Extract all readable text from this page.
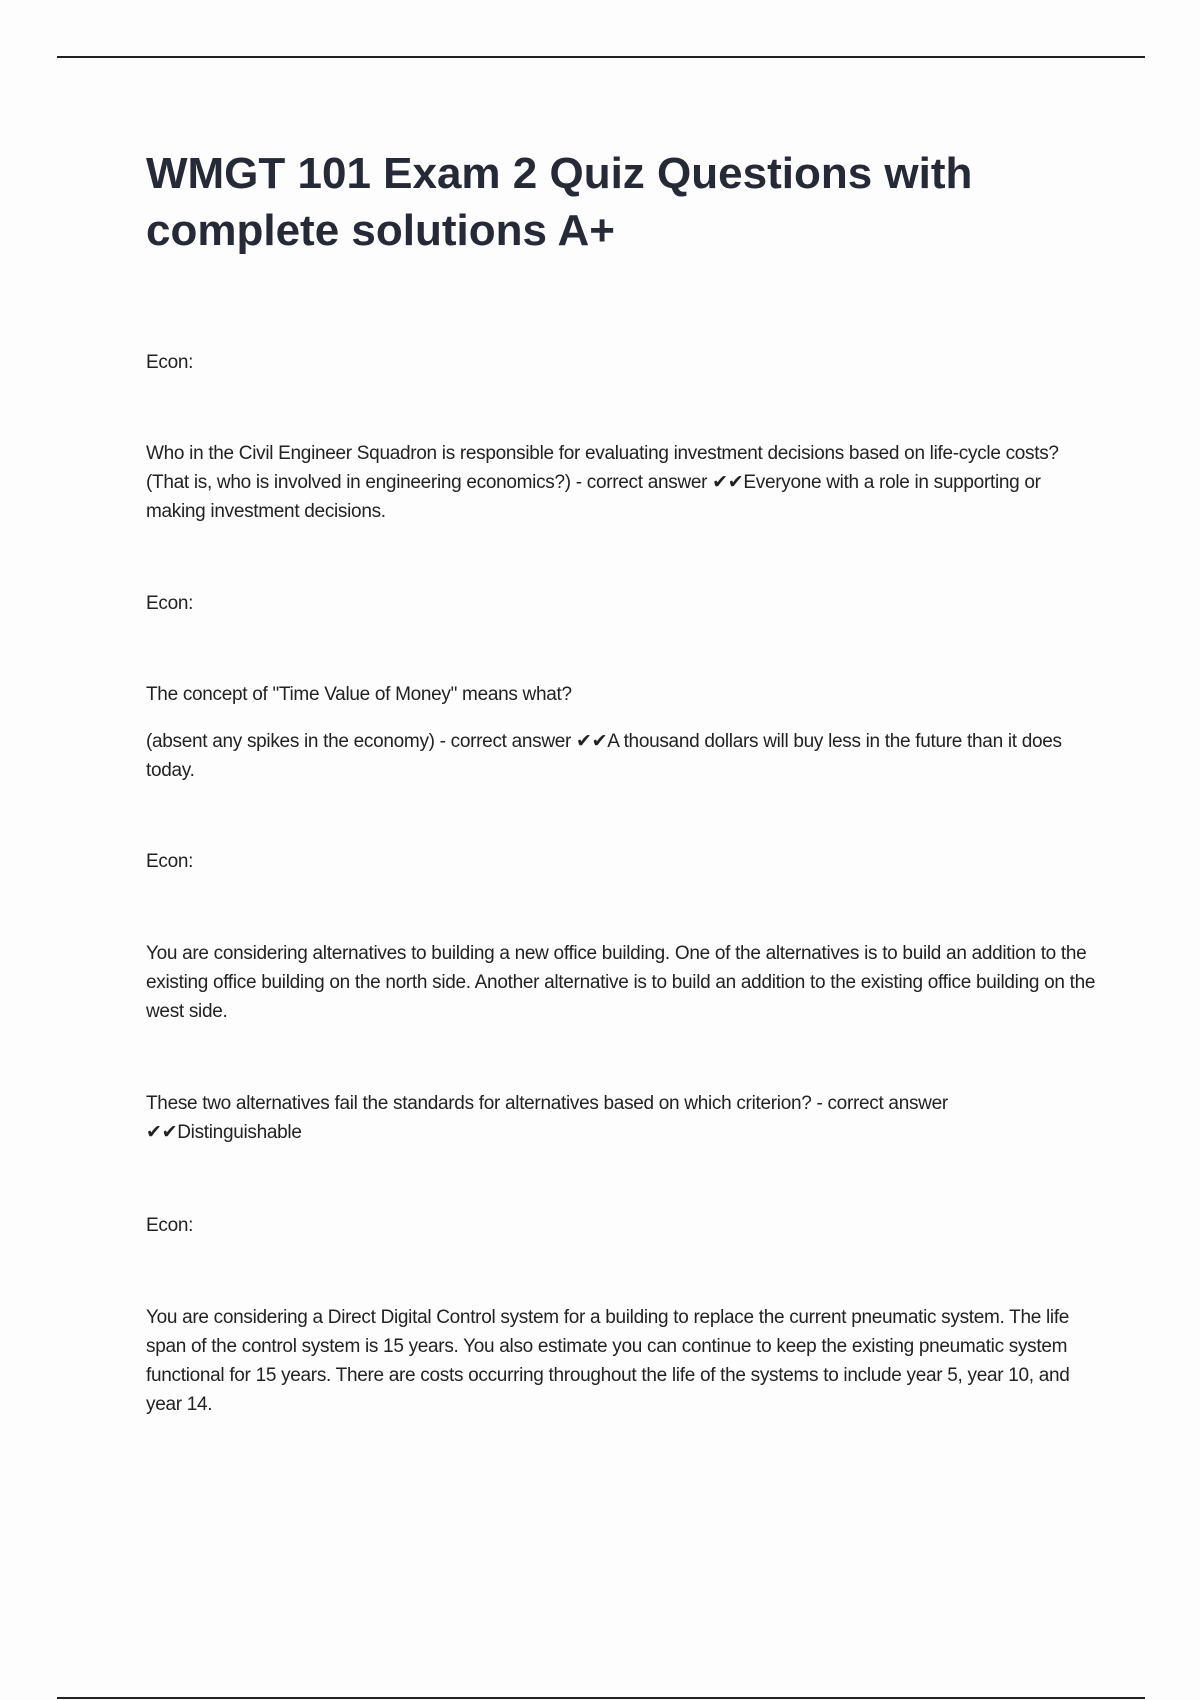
WMGT 101 Exam 2 Quiz Questions with complete solutions A+

Econ:

Who in the Civil Engineer Squadron is responsible for evaluating investment decisions based on life-cycle costs? (That is, who is involved in engineering economics?) - correct answer ✔✔Everyone with a role in supporting or making investment decisions.

Econ:

The concept of "Time Value of Money" means what?

(absent any spikes in the economy) - correct answer ✔✔A thousand dollars will buy less in the future than it does today.

Econ:

You are considering alternatives to building a new office building. One of the alternatives is to build an addition to the existing office building on the north side. Another alternative is to build an addition to the existing office building on the west side.

These two alternatives fail the standards for alternatives based on which criterion? - correct answer ✔✔Distinguishable

Econ:

You are considering a Direct Digital Control system for a building to replace the current pneumatic system. The life span of the control system is 15 years. You also estimate you can continue to keep the existing pneumatic system functional for 15 years. There are costs occurring throughout the life of the systems to include year 5, year 10, and year 14.
